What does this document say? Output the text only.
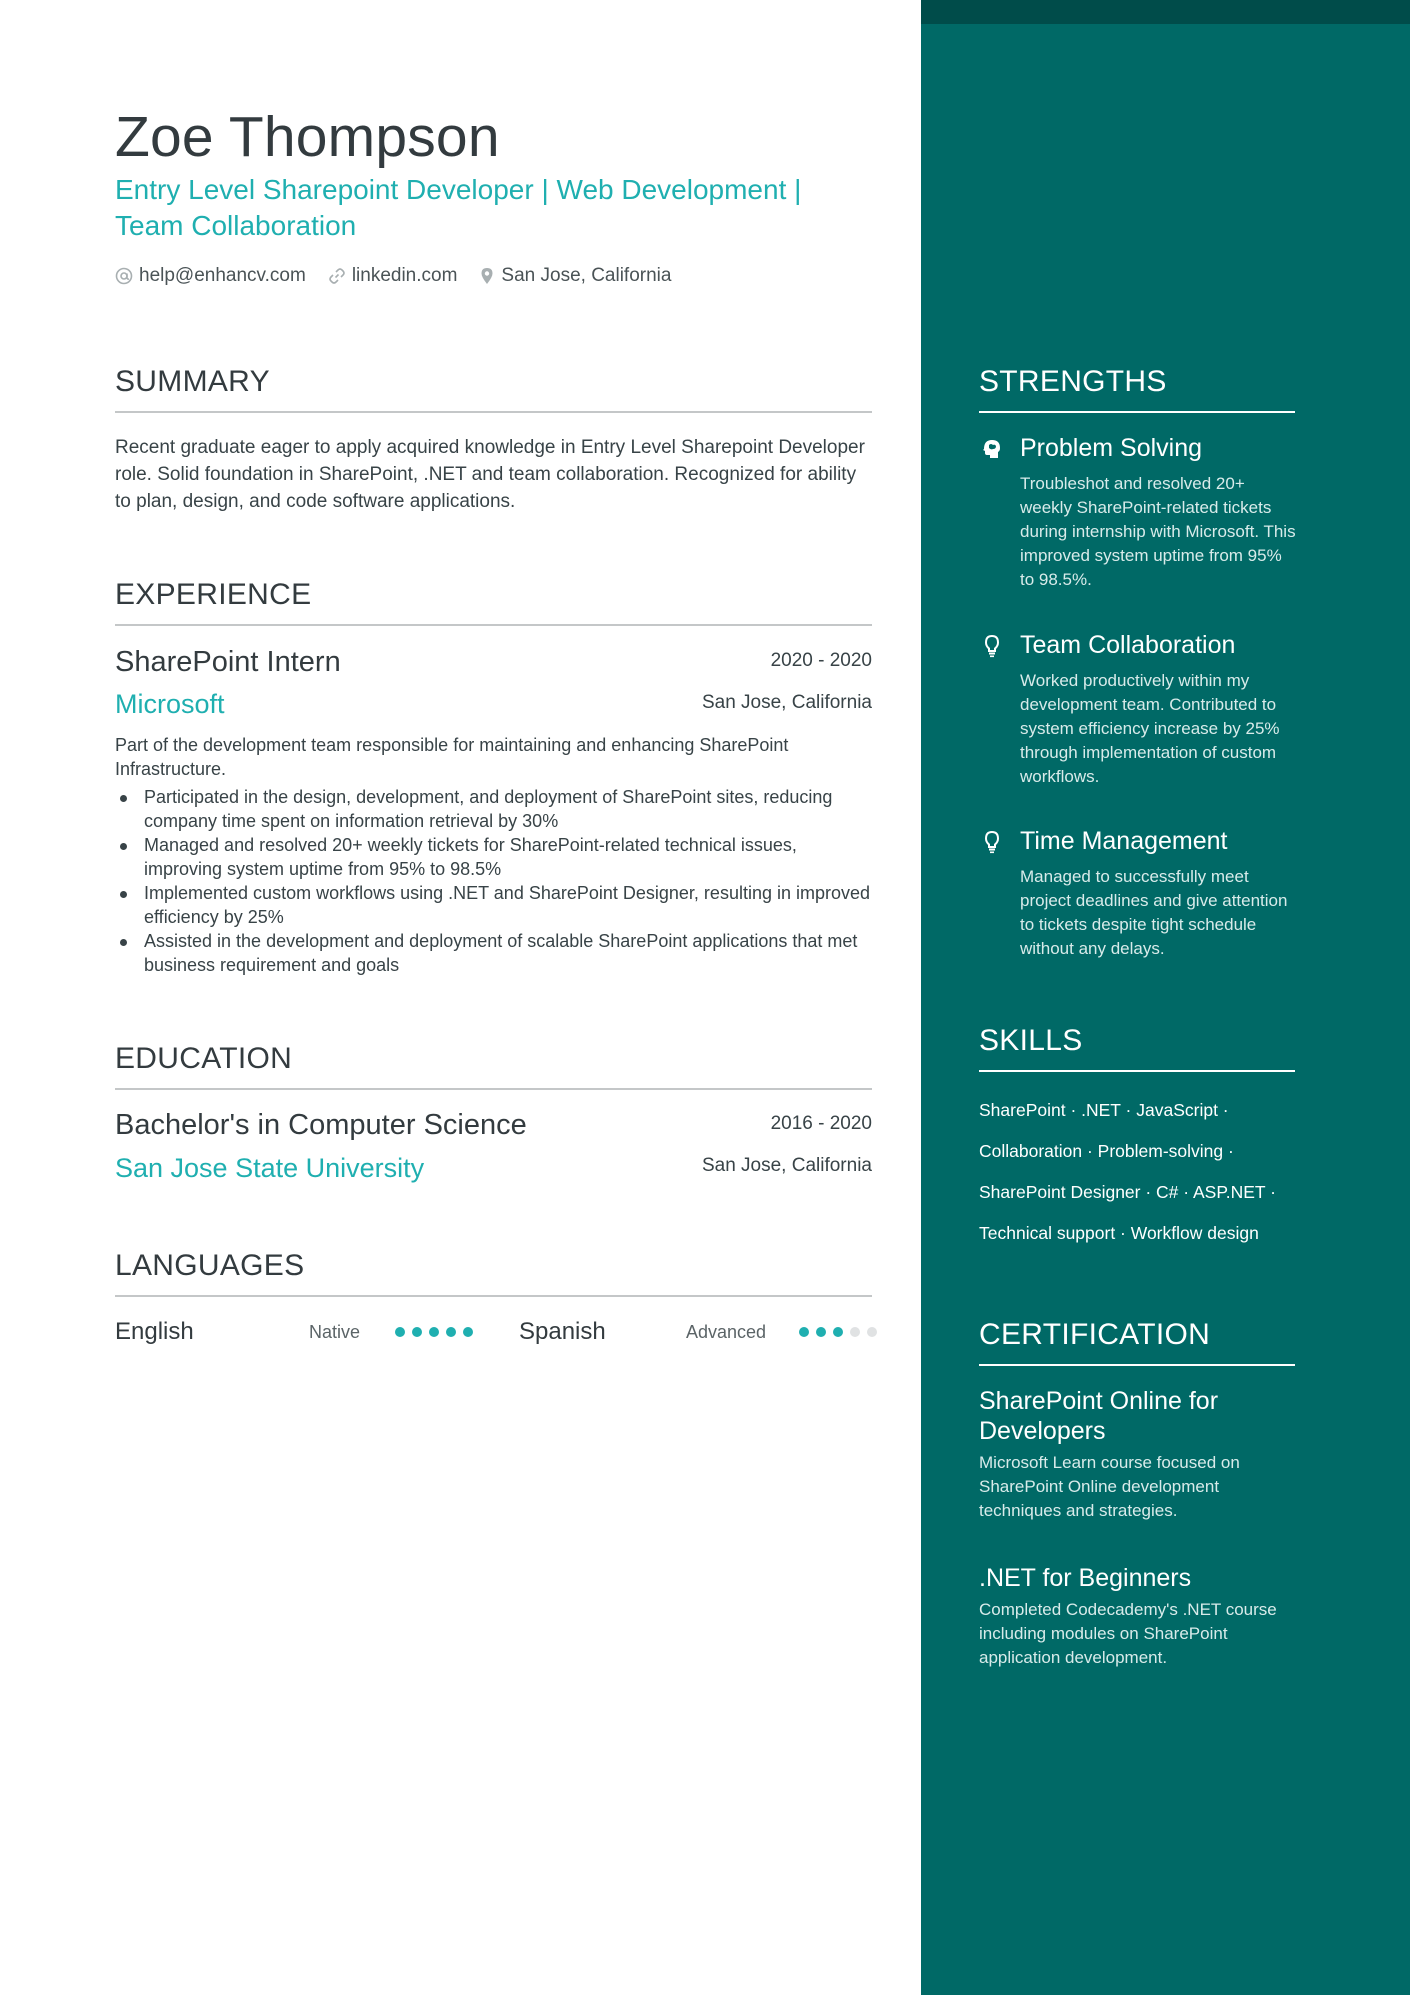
Zoe Thompson
Entry Level Sharepoint Developer | Web Development | Team Collaboration
help@enhancv.com linkedin.com San Jose, California
SUMMARY
Recent graduate eager to apply acquired knowledge in Entry Level Sharepoint Developer role. Solid foundation in SharePoint, .NET and team collaboration. Recognized for ability to plan, design, and code software applications.
EXPERIENCE
SharePoint Intern	2020 - 2020
Microsoft	San Jose, California
Part of the development team responsible for maintaining and enhancing SharePoint Infrastructure.
Participated in the design, development, and deployment of SharePoint sites, reducing company time spent on information retrieval by 30%
Managed and resolved 20+ weekly tickets for SharePoint-related technical issues, improving system uptime from 95% to 98.5%
Implemented custom workflows using .NET and SharePoint Designer, resulting in improved efficiency by 25%
Assisted in the development and deployment of scalable SharePoint applications that met business requirement and goals
EDUCATION
Bachelor's in Computer Science	2016 - 2020
San Jose State University	San Jose, California
LANGUAGES
English	Native	Spanish	Advanced
STRENGTHS
Problem Solving
Troubleshot and resolved 20+ weekly SharePoint-related tickets during internship with Microsoft. This improved system uptime from 95% to 98.5%.
Team Collaboration
Worked productively within my development team. Contributed to system efficiency increase by 25% through implementation of custom workflows.
Time Management
Managed to successfully meet project deadlines and give attention to tickets despite tight schedule without any delays.
SKILLS
SharePoint · .NET · JavaScript ·
Collaboration · Problem-solving ·
SharePoint Designer · C# · ASP.NET ·
Technical support · Workflow design
CERTIFICATION
SharePoint Online for Developers
Microsoft Learn course focused on SharePoint Online development techniques and strategies.
.NET for Beginners
Completed Codecademy's .NET course including modules on SharePoint application development.
